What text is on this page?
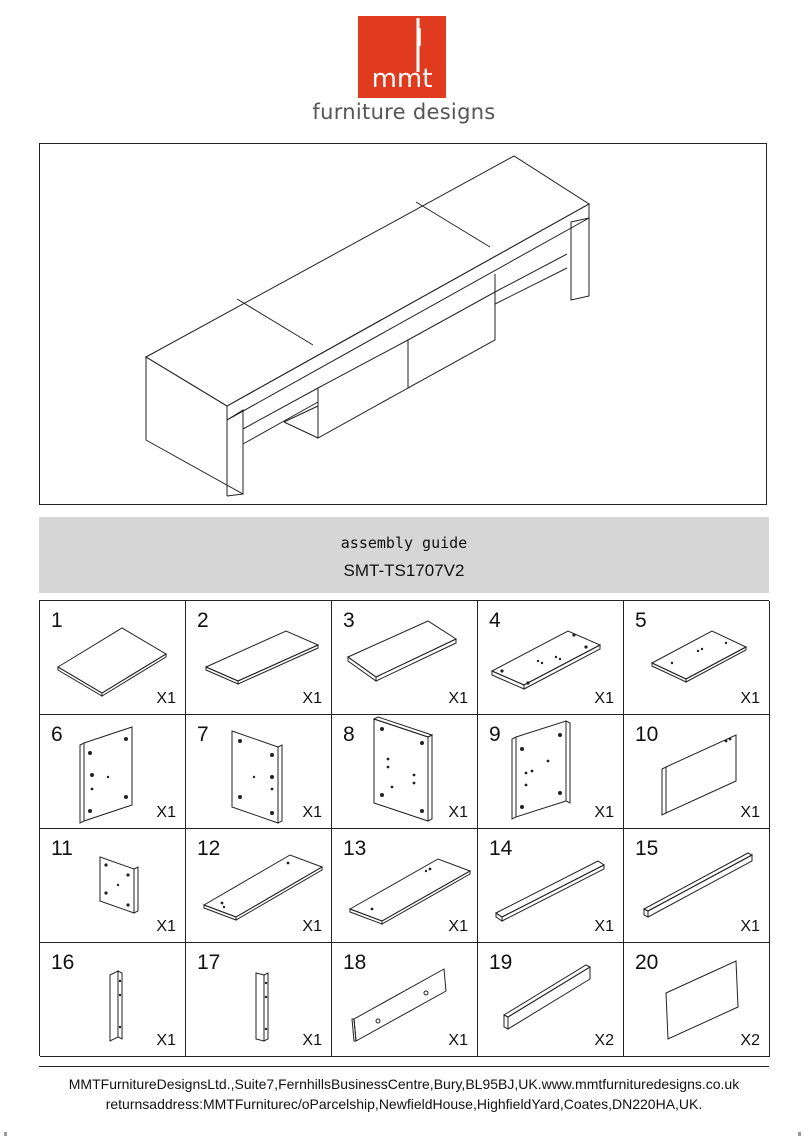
mmt
furniture designs
assembly guide
SMT-TS1707V2
1
X1
2
X1
3
X1
4
X1
5
X1
6
X1
7
X1
8
X1
9
X1
10
X1
11
X1
12
X1
13
X1
14
X1
15
X1
16
X1
17
X1
18
X1
19
X2
20
X2
MMTFurnitureDesignsLtd.,Suite7,FernhillsBusinessCentre,Bury,BL95BJ,UK.www.mmtfurnituredesigns.co.uk
returnsaddress:MMTFurniturec/oParcelship,NewfieldHouse,HighfieldYard,Coates,DN220HA,UK.
